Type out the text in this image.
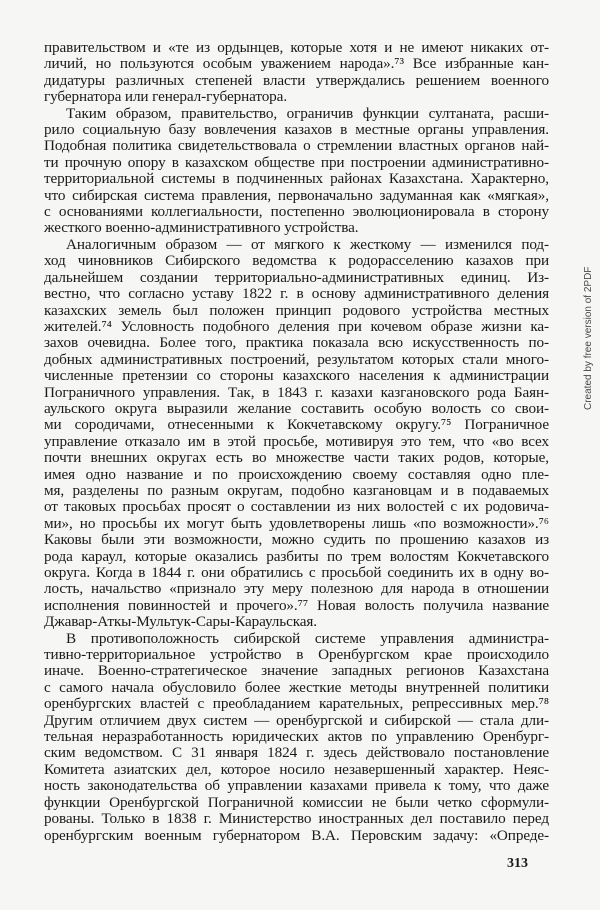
правительством и «те из ордынцев, которые хотя и не имеют никаких от-
личий, но пользуются особым уважением народа».⁷³ Все избранные кан-
дидатуры различных степеней власти утверждались решением военного
губернатора или генерал-губернатора.
Таким образом, правительство, ограничив функции султаната, расши-
рило социальную базу вовлечения казахов в местные органы управления.
Подобная политика свидетельствовала о стремлении властных органов най-
ти прочную опору в казахском обществе при построении административно-
территориальной системы в подчиненных районах Казахстана. Характерно,
что сибирская система правления, первоначально задуманная как «мягкая»,
с основаниями коллегиальности, постепенно эволюционировала в сторону
жесткого военно-административного устройства.
Аналогичным образом — от мягкого к жесткому — изменился под-
ход чиновников Сибирского ведомства к родорасселению казахов при
дальнейшем создании территориально-административных единиц. Из-
вестно, что согласно уставу 1822 г. в основу административного деления
казахских земель был положен принцип родового устройства местных
жителей.⁷⁴ Условность подобного деления при кочевом образе жизни ка-
захов очевидна. Более того, практика показала всю искусственность по-
добных административных построений, результатом которых стали много-
численные претензии со стороны казахского населения к администрации
Пограничного управления. Так, в 1843 г. казахи казгановского рода Баян-
аульского округа выразили желание составить особую волость со свои-
ми сородичами, отнесенными к Кокчетавскому округу.⁷⁵ Пограничное
управление отказало им в этой просьбе, мотивируя это тем, что «во всех
почти внешних округах есть во множестве части таких родов, которые,
имея одно название и по происхождению своему составляя одно пле-
мя, разделены по разным округам, подобно казгановцам и в подаваемых
от таковых просьбах просят о составлении из них волостей с их родовича-
ми», но просьбы их могут быть удовлетворены лишь «по возможности».⁷⁶
Каковы были эти возможности, можно судить по прошению казахов из
рода караул, которые оказались разбиты по трем волостям Кокчетавского
округа. Когда в 1844 г. они обратились с просьбой соединить их в одну во-
лость, начальство «признало эту меру полезною для народа в отношении
исполнения повинностей и прочего».⁷⁷ Новая волость получила название
Джавар-Аткы-Мультук-Сары-Караульская.
В противоположность сибирской системе управления администра-
тивно-территориальное устройство в Оренбургском крае происходило
иначе. Военно-стратегическое значение западных регионов Казахстана
с самого начала обусловило более жесткие методы внутренней политики
оренбургских властей с преобладанием карательных, репрессивных мер.⁷⁸
Другим отличием двух систем — оренбургской и сибирской — стала дли-
тельная неразработанность юридических актов по управлению Оренбург-
ским ведомством. С 31 января 1824 г. здесь действовало постановление
Комитета азиатских дел, которое носило незавершенный характер. Неяс-
ность законодательства об управлении казахами привела к тому, что даже
функции Оренбургской Пограничной комиссии не были четко сформули-
рованы. Только в 1838 г. Министерство иностранных дел поставило перед
оренбургским военным губернатором В.А. Перовским задачу: «Опреде-
Created by free version of 2PDF
313
